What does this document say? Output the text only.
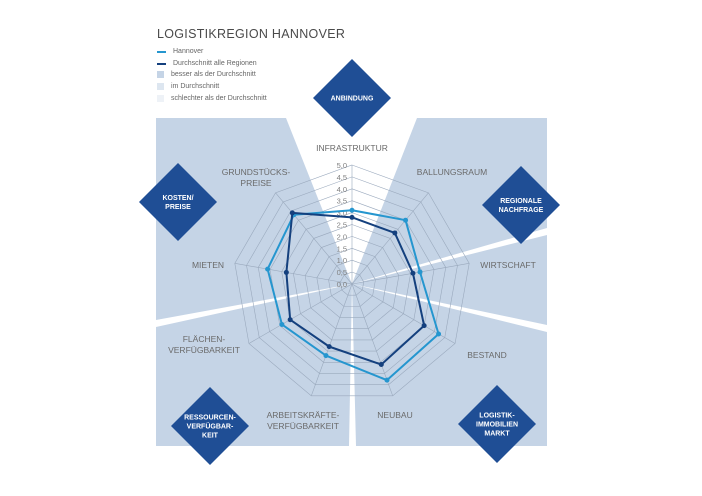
LOGISTIKREGION HANNOVER
Hannover
Durchschnitt alle Regionen
besser als der Durchschnitt
im Durchschnitt
schlechter als der Durchschnitt
0,0
0,5
1,0
1,5
2,0
2,5
3,0
3,5
4,0
4,5
5,0
INFRASTRUKTUR
BALLUNGSRAUM
WIRTSCHAFT
BESTAND
NEUBAU
ARBEITSKRÄFTE-
VERFÜGBARKEIT
FLÄCHEN-
VERFÜGBARKEIT
MIETEN
GRUNDSTÜCKS-
PREISE
ANBINDUNG
REGIONALE
NACHFRAGE
LOGISTIK-
IMMOBILIEN
MARKT
RESSOURCEN-
VERFÜGBAR-
KEIT
KOSTEN/
PREISE
